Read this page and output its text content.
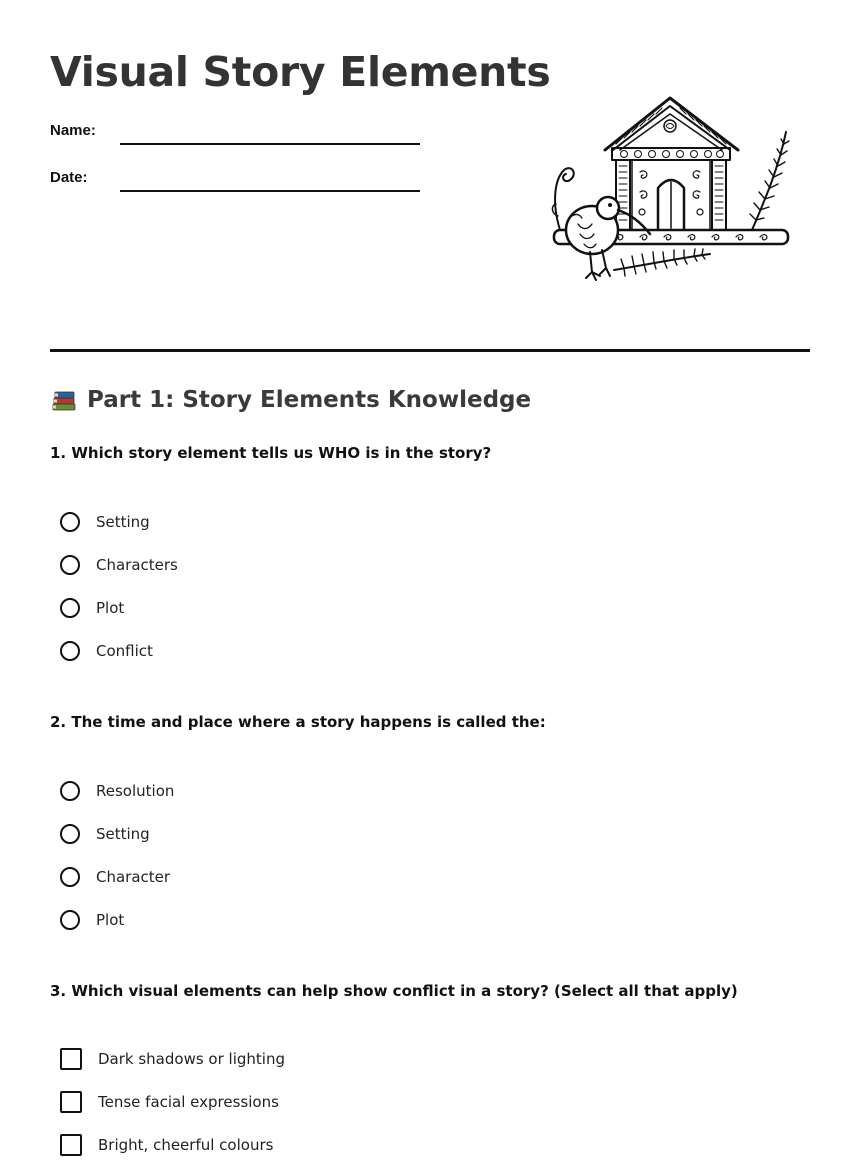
Visual Story Elements
Name:
Date:
Part 1: Story Elements Knowledge

1. Which story element tells us WHO is in the story?

Setting
Characters
Plot
Conflict

2. The time and place where a story happens is called the:

Resolution
Setting
Character
Plot

3. Which visual elements can help show conflict in a story? (Select all that apply)

Dark shadows or lighting
Tense facial expressions
Bright, cheerful colours
